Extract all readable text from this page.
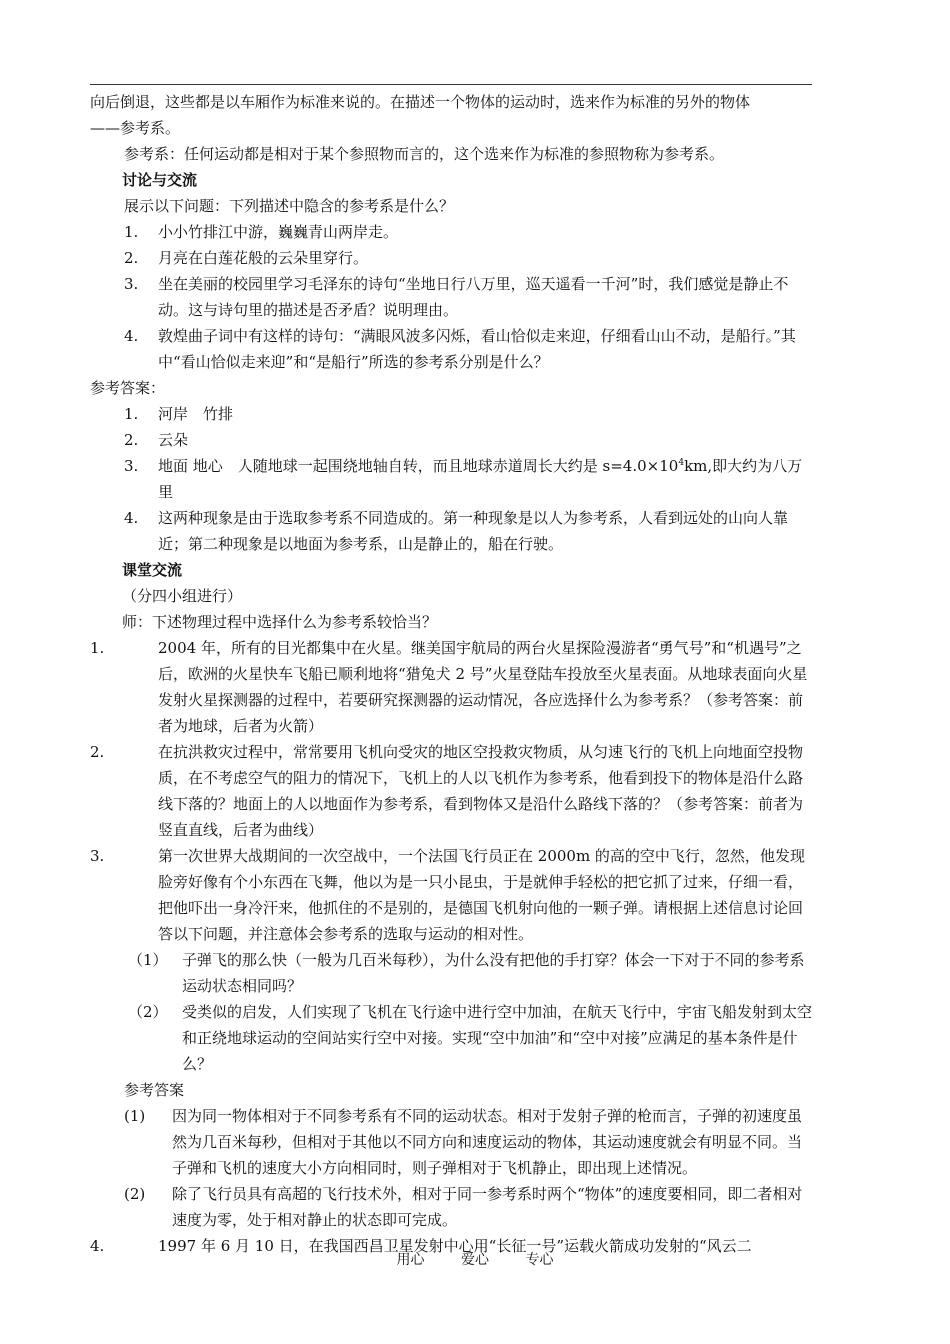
向后倒退，这些都是以车厢作为标准来说的。在描述一个物体的运动时，选来作为标准的另外的物体

——参考系。

参考系：任何运动都是相对于某个参照物而言的，这个选来作为标准的参照物称为参考系。

讨论与交流

展示以下问题：下列描述中隐含的参考系是什么？

1.	小小竹排江中游，巍巍青山两岸走。
2.	月亮在白莲花般的云朵里穿行。
3.	坐在美丽的校园里学习毛泽东的诗句“坐地日行八万里，巡天遥看一千河”时，我们感觉是静止不动。这与诗句里的描述是否矛盾？说明理由。
4.	敦煌曲子词中有这样的诗句：“满眼风波多闪烁，看山恰似走来迎，仔细看山山不动，是船行。”其中“看山恰似走来迎”和“是船行”所选的参考系分别是什么？

参考答案：

1.	河岸　竹排
2.	云朵
3.	地面 地心　人随地球一起围绕地轴自转，而且地球赤道周长大约是 $s=4.0\times 10^4km$,即大约为八万里
4.	这两种现象是由于选取参考系不同造成的。第一种现象是以人为参考系，人看到远处的山向人靠近；第二种现象是以地面为参考系，山是静止的，船在行驶。

课堂交流

（分四小组进行）

师：下述物理过程中选择什么为参考系较恰当？

1.	2004 年，所有的目光都集中在火星。继美国宇航局的两台火星探险漫游者“勇气号”和“机遇号”之后，欧洲的火星快车飞船已顺利地将“猎兔犬 2 号”火星登陆车投放至火星表面。从地球表面向火星发射火星探测器的过程中，若要研究探测器的运动情况，各应选择什么为参考系？（参考答案：前者为地球，后者为火箭）
2.	在抗洪救灾过程中，常常要用飞机向受灾的地区空投救灾物质，从匀速飞行的飞机上向地面空投物质，在不考虑空气的阻力的情况下，飞机上的人以飞机作为参考系，他看到投下的物体是沿什么路线下落的？地面上的人以地面作为参考系，看到物体又是沿什么路线下落的？（参考答案：前者为竖直直线，后者为曲线）
3.	第一次世界大战期间的一次空战中，一个法国飞行员正在 2000m 的高的空中飞行，忽然，他发现脸旁好像有个小东西在飞舞，他以为是一只小昆虫，于是就伸手轻松的把它抓了过来，仔细一看，把他吓出一身冷汗来，他抓住的不是别的，是德国飞机射向他的一颗子弹。请根据上述信息讨论回答以下问题，并注意体会参考系的选取与运动的相对性。
（1） 子弹飞的那么快（一般为几百米每秒），为什么没有把他的手打穿？体会一下对于不同的参考系运动状态相同吗？
（2） 受类似的启发，人们实现了飞机在飞行途中进行空中加油，在航天飞行中，宇宙飞船发射到太空和正绕地球运动的空间站实行空中对接。实现“空中加油”和“空中对接”应满足的基本条件是什么？

参考答案

(1)	因为同一物体相对于不同参考系有不同的运动状态。相对于发射子弹的枪而言，子弹的初速度虽然为几百米每秒，但相对于其他以不同方向和速度运动的物体，其运动速度就会有明显不同。当子弹和飞机的速度大小方向相同时，则子弹相对于飞机静止，即出现上述情况。
(2)	除了飞行员具有高超的飞行技术外，相对于同一参考系时两个“物体”的速度要相同，即二者相对速度为零，处于相对静止的状态即可完成。
4.	1997 年 6 月 10 日，在我国西昌卫星发射中心用“长征一号”运载火箭成功发射的“风云二
用心	爱心	专心
